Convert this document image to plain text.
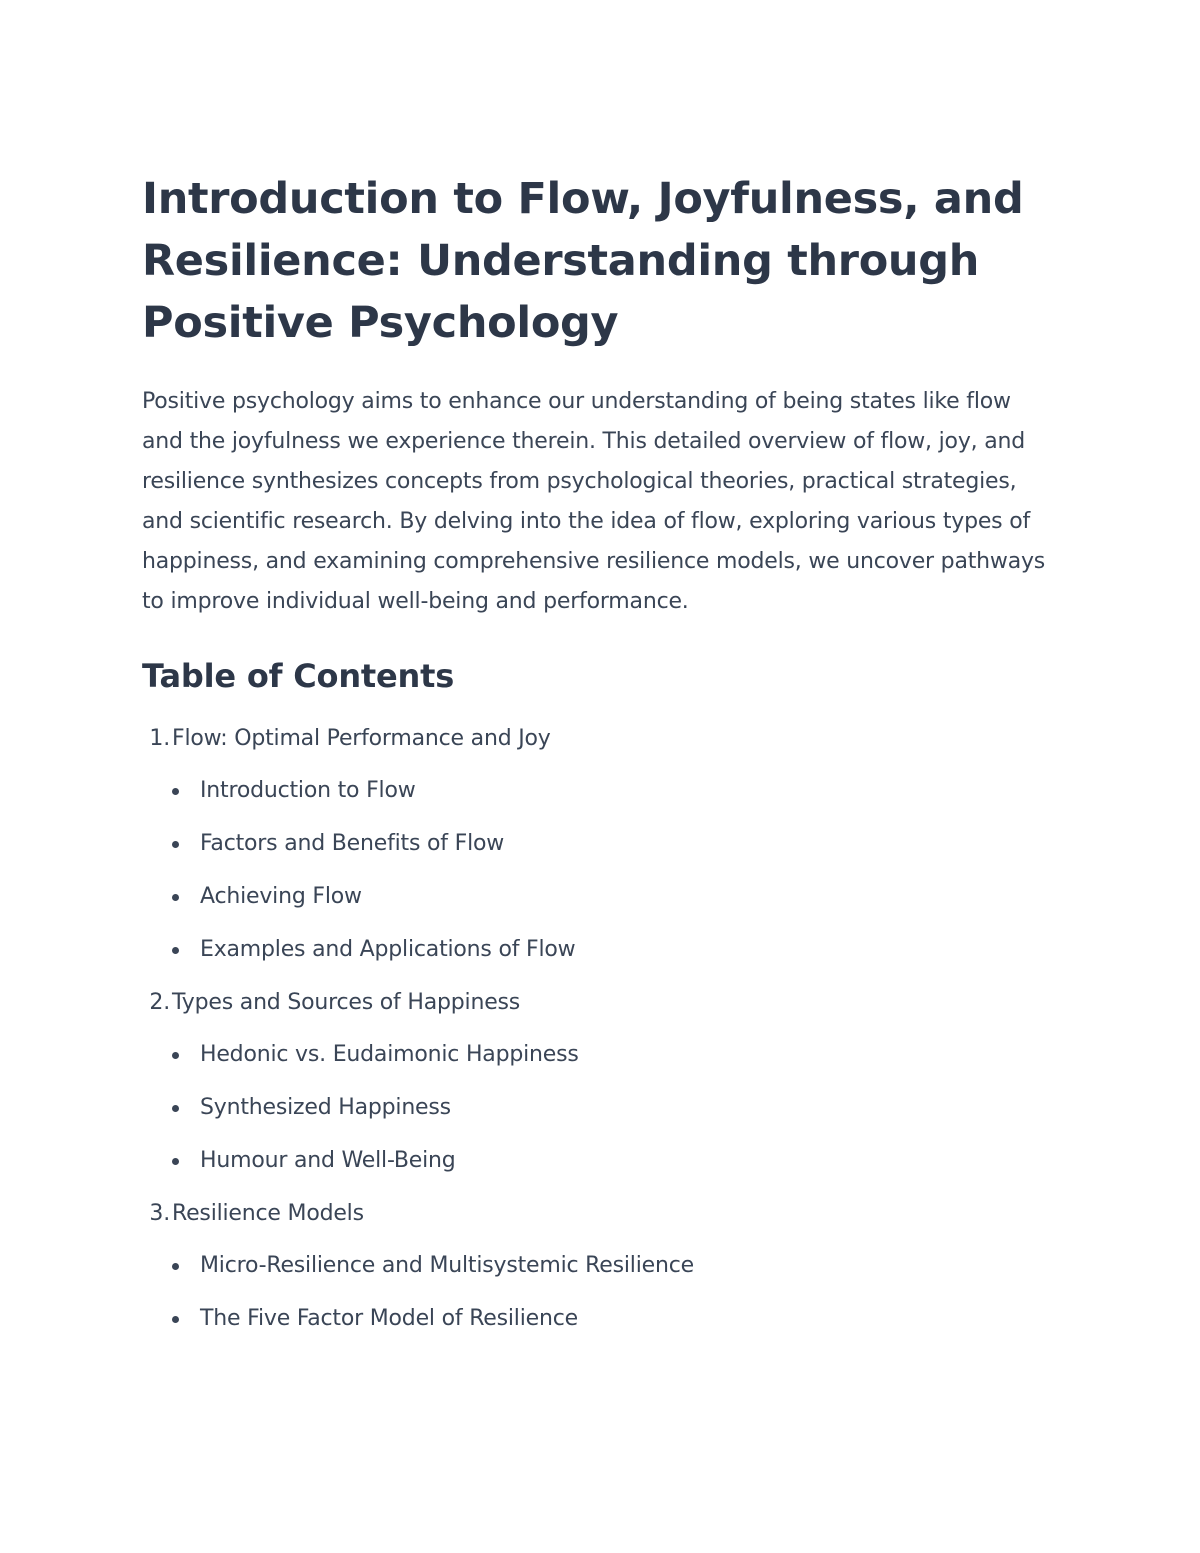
Introduction to Flow, Joyfulness, and Resilience: Understanding through Positive Psychology

Positive psychology aims to enhance our understanding of being states like flow and the joyfulness we experience therein. This detailed overview of flow, joy, and resilience synthesizes concepts from psychological theories, practical strategies, and scientific research. By delving into the idea of flow, exploring various types of happiness, and examining comprehensive resilience models, we uncover pathways to improve individual well-being and performance.

Table of Contents
1. Flow: Optimal Performance and Joy
Introduction to Flow
Factors and Benefits of Flow
Achieving Flow
Examples and Applications of Flow
2. Types and Sources of Happiness
Hedonic vs. Eudaimonic Happiness
Synthesized Happiness
Humour and Well-Being
3. Resilience Models
Micro-Resilience and Multisystemic Resilience
The Five Factor Model of Resilience
